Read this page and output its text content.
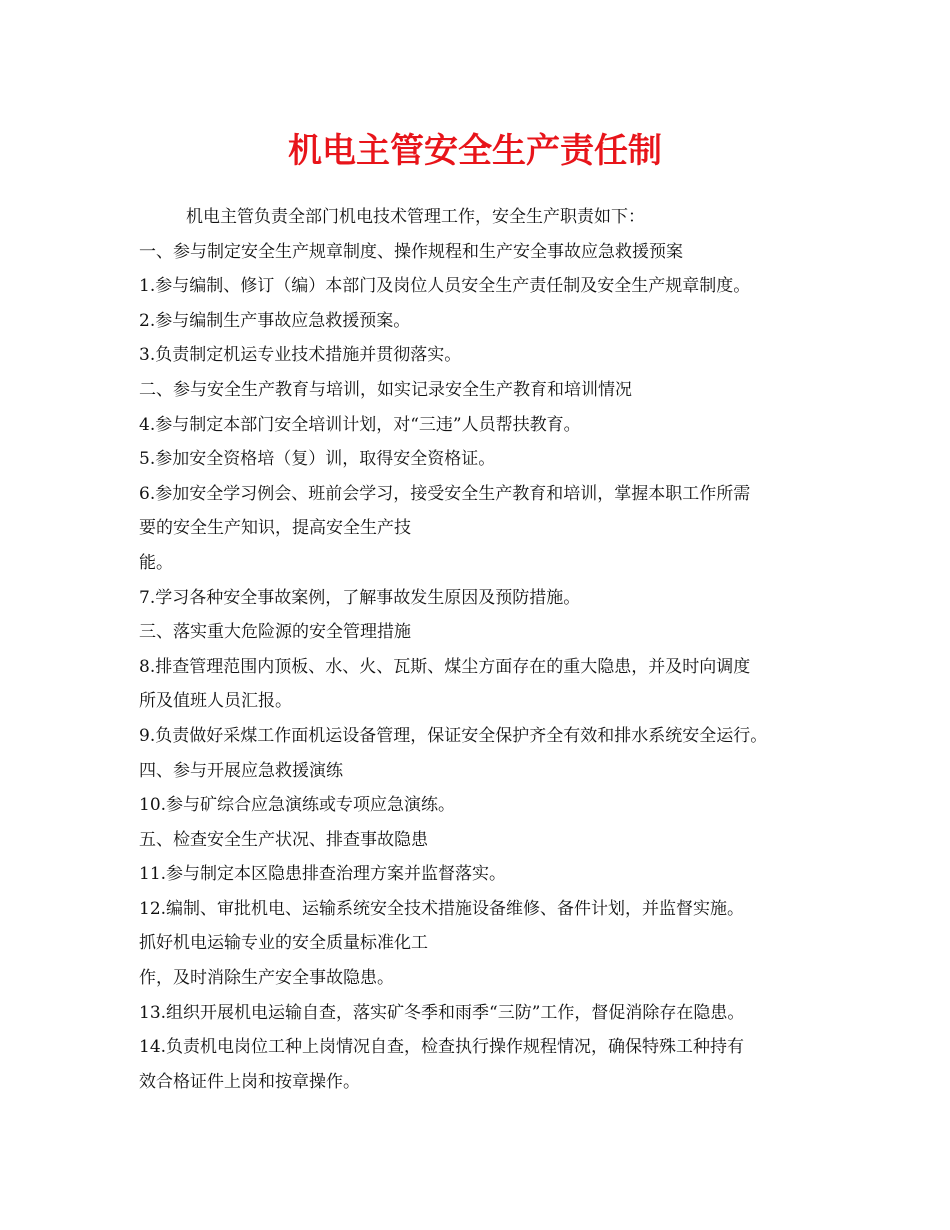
机电主管安全生产责任制
机电主管负责全部门机电技术管理工作，安全生产职责如下：
一、参与制定安全生产规章制度、操作规程和生产安全事故应急救援预案
1.参与编制、修订（编）本部门及岗位人员安全生产责任制及安全生产规章制度。
2.参与编制生产事故应急救援预案。
3.负责制定机运专业技术措施并贯彻落实。
二、参与安全生产教育与培训，如实记录安全生产教育和培训情况
4.参与制定本部门安全培训计划，对“三违”人员帮扶教育。
5.参加安全资格培（复）训，取得安全资格证。
6.参加安全学习例会、班前会学习，接受安全生产教育和培训，掌握本职工作所需
要的安全生产知识，提高安全生产技
能。
7.学习各种安全事故案例，了解事故发生原因及预防措施。
三、落实重大危险源的安全管理措施
8.排查管理范围内顶板、水、火、瓦斯、煤尘方面存在的重大隐患，并及时向调度
所及值班人员汇报。
9.负责做好采煤工作面机运设备管理，保证安全保护齐全有效和排水系统安全运行。
四、参与开展应急救援演练
10.参与矿综合应急演练或专项应急演练。
五、检查安全生产状况、排查事故隐患
11.参与制定本区隐患排查治理方案并监督落实。
12.编制、审批机电、运输系统安全技术措施设备维修、备件计划，并监督实施。
抓好机电运输专业的安全质量标准化工
作，及时消除生产安全事故隐患。
13.组织开展机电运输自查，落实矿冬季和雨季“三防”工作，督促消除存在隐患。
14.负责机电岗位工种上岗情况自查，检查执行操作规程情况，确保特殊工种持有
效合格证件上岗和按章操作。
